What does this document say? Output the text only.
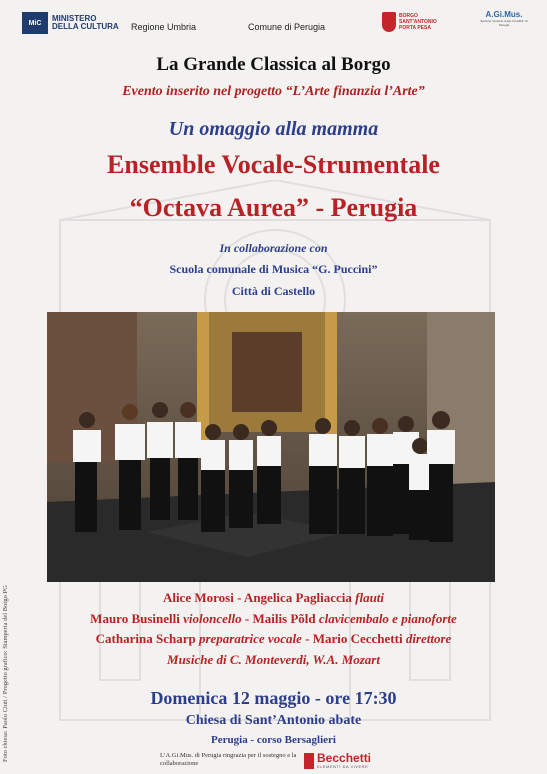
MiC	MINISTERO DELLA CULTURA	Regione Umbria	Comune di Perugia
BORGO SANT'ANTONIO PORTA PESA
A.Gi.Mus.
Sezione "Antonio Carlo Uccellini" di Perugia
La Grande Classica al Borgo
Evento inserito nel progetto “L’Arte finanzia l’Arte”
Un omaggio alla mamma
Ensemble Vocale-Strumentale
“Octava Aurea” - Perugia
In collaborazione con
Scuola comunale di Musica “G. Puccini”
Città di Castello
Alice Morosi - Angelica Pagliaccia flauti
Mauro Businelli violoncello - Mailis Põld clavicembalo e pianoforte
Catharina Scharp preparatrice vocale - Mario Cecchetti direttore
Musiche di C. Monteverdi, W.A. Mozart
Domenica 12 maggio - ore 17:30
Chiesa di Sant’Antonio abate
Perugia - corso Bersaglieri
Foto chiesa: Paolo Ciuti / Progetto grafico: Stamperia del Borgo PG	L’A.Gi.Mus. di Perugia ringrazia per il sostegno e la collaborazione	Becchetti
ELEMENTI DA VIVERE
